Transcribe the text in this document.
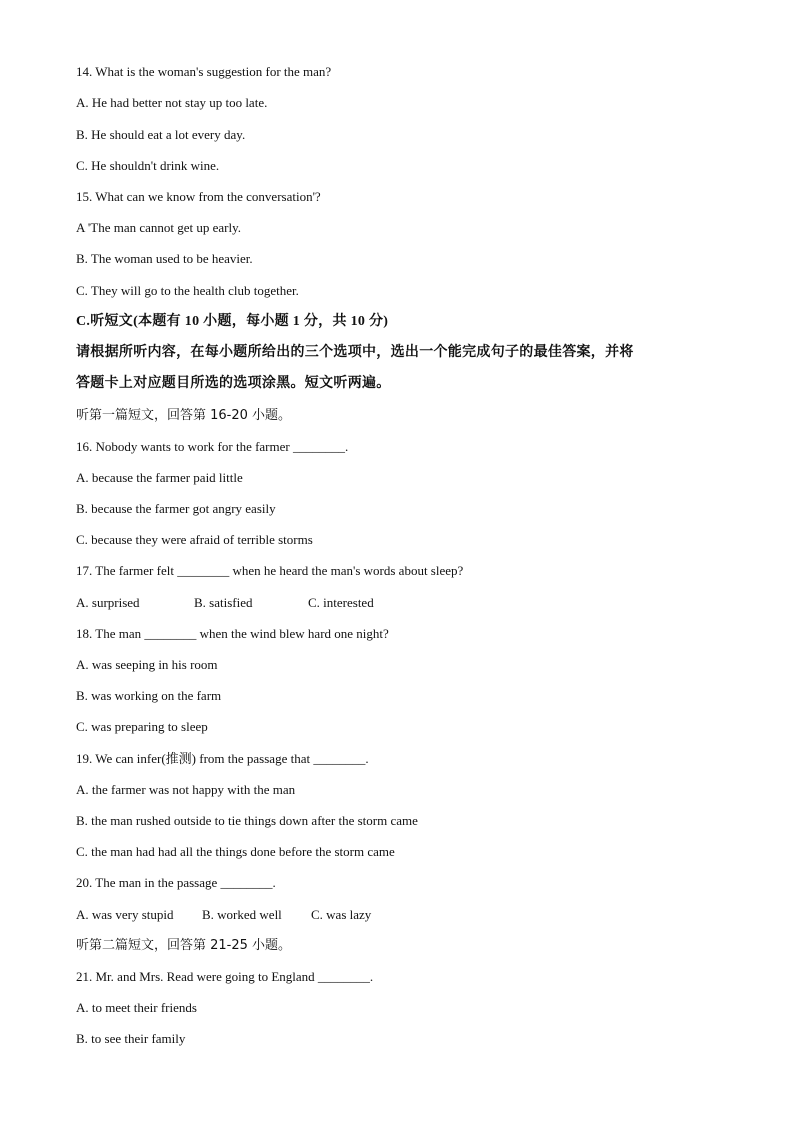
14. What is the woman's suggestion for the man?

A. He had better not stay up too late.

B. He should eat a lot every day.

C. He shouldn't drink wine.

15. What can we know from the conversation'?

A 'The man cannot get up early.

B. The woman used to be heavier.

C. They will go to the health club together.

C.听短文(本题有 10 小题，每小题 1 分，共 10 分)

请根据所听内容，在每小题所给出的三个选项中，选出一个能完成句子的最佳答案，并将

答题卡上对应题目所选的选项涂黑。短文听两遍。

听第一篇短文，回答第 16-20 小题。

16. Nobody wants to work for the farmer ________.

A. because the farmer paid little

B. because the farmer got angry easily

C. because they were afraid of terrible storms

17. The farmer felt ________ when he heard the man's words about sleep?

A. surprised	B. satisfied	C. interested

18. The man ________ when the wind blew hard one night?

A. was seeping in his room

B. was working on the farm

C. was preparing to sleep

19. We can infer(推测) from the passage that ________.

A. the farmer was not happy with the man

B. the man rushed outside to tie things down after the storm came

C. the man had had all the things done before the storm came

20. The man in the passage ________.

A. was very stupid B. worked well C. was lazy

听第二篇短文，回答第 21-25 小题。

21. Mr. and Mrs. Read were going to England ________.

A. to meet their friends

B. to see their family
